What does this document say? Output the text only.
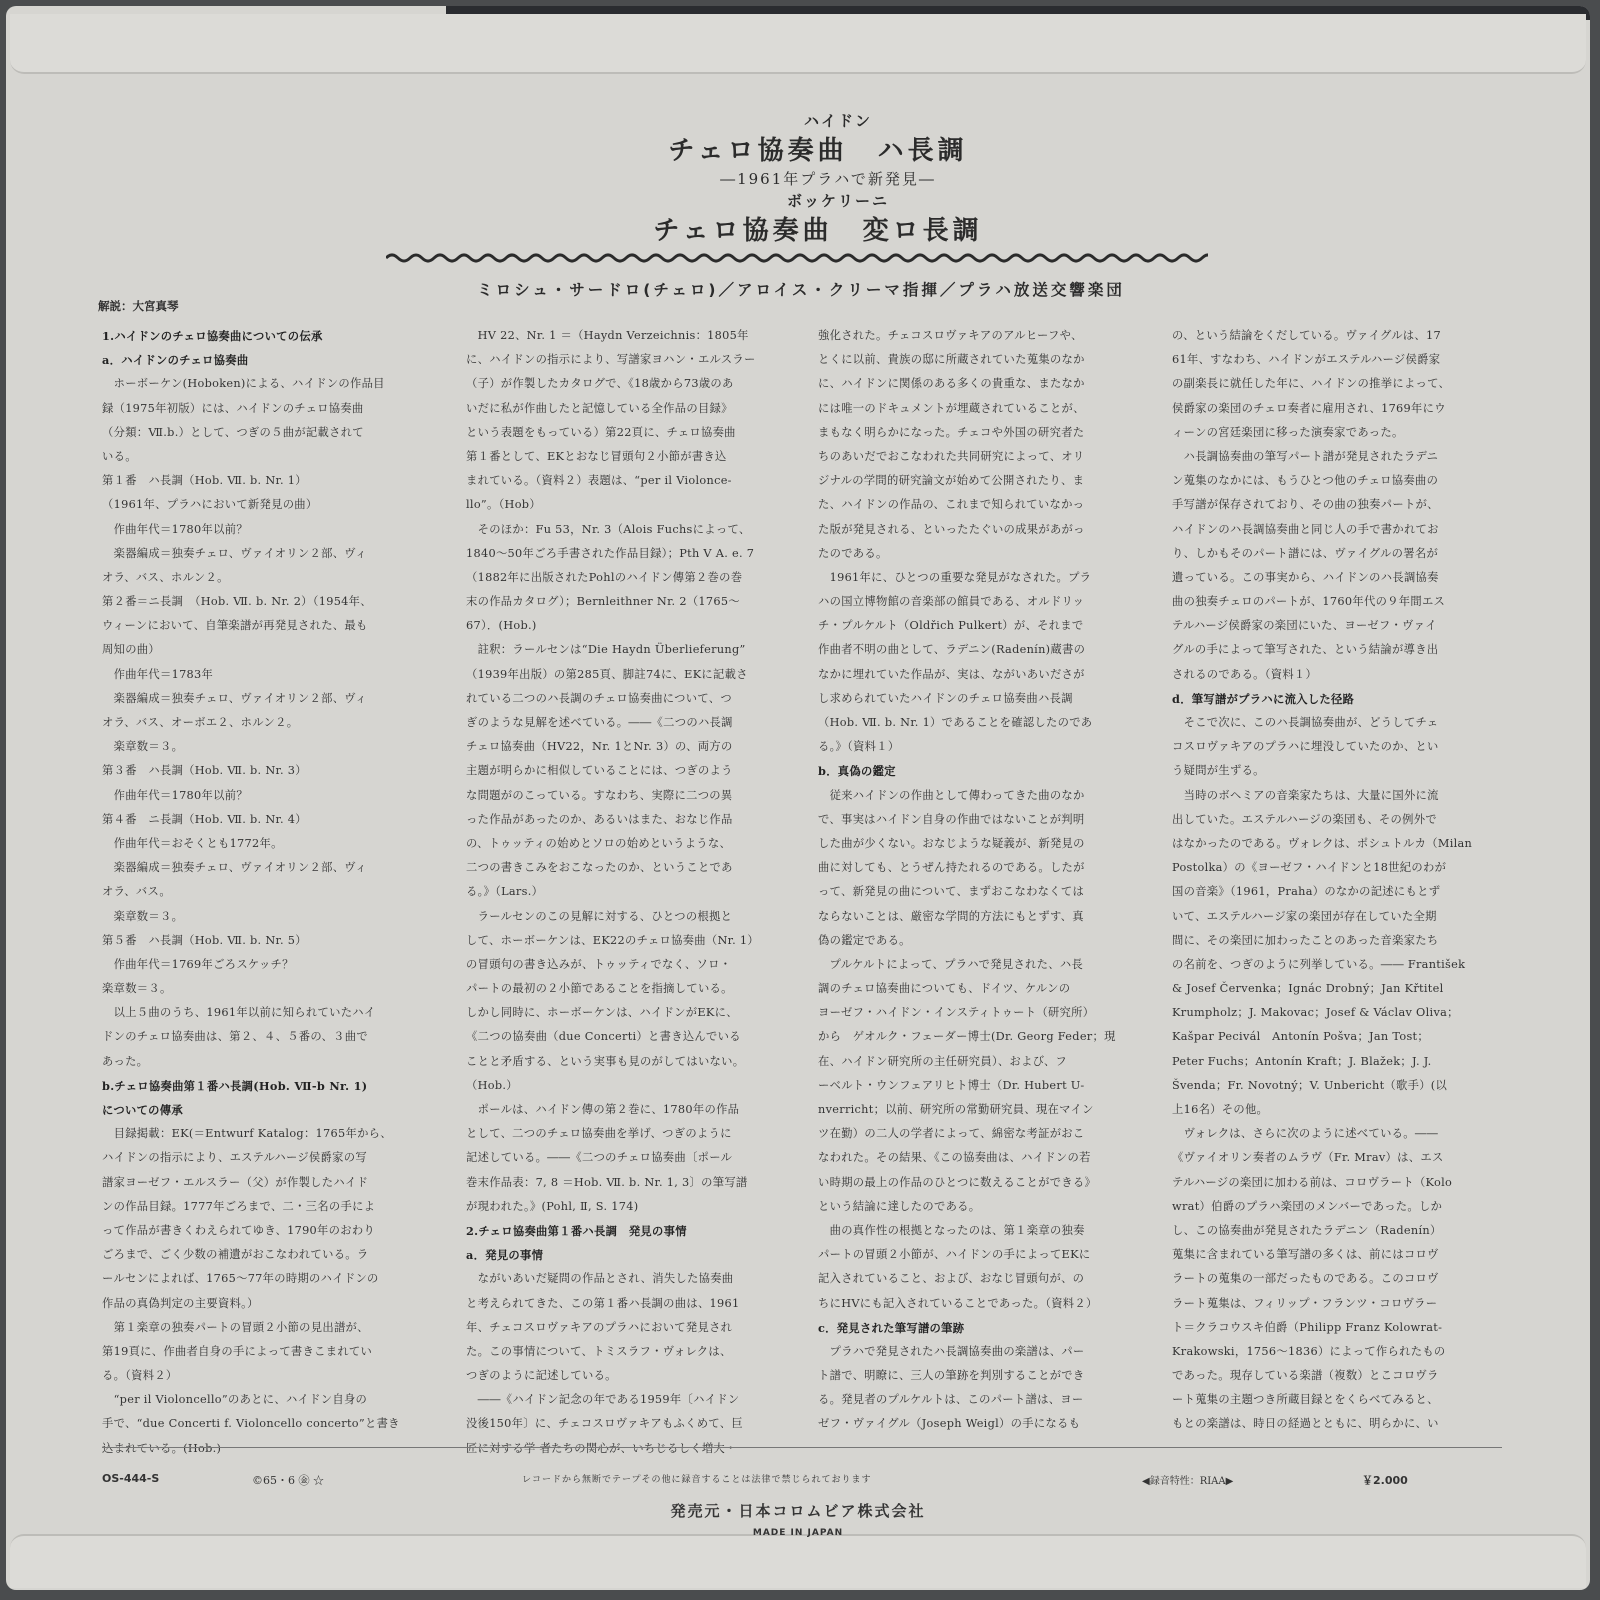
ハイドン
チェロ協奏曲　ハ長調
―1961年プラハで新発見―
ボッケリーニ
チェロ協奏曲　変ロ長調
ミロシュ・サードロ(チェロ)／アロイス・クリーマ指揮／プラハ放送交響楽団
解説：大宮真琴
1.ハイドンのチェロ協奏曲についての伝承
a．ハイドンのチェロ協奏曲
　ホーボーケン(Hoboken)による、ハイドンの作品目
録（1975年初版）には、ハイドンのチェロ協奏曲
（分類：Ⅶ.b.）として、つぎの５曲が記載されて
いる。
第１番　ハ長調（Hob. Ⅶ. b. Nr. 1）
（1961年、プラハにおいて新発見の曲）
　作曲年代＝1780年以前？
　楽器編成＝独奏チェロ、ヴァイオリン２部、ヴィ
オラ、バス、ホルン２。
第２番＝ニ長調　（Hob. Ⅶ. b. Nr. 2）（1954年、
ウィーンにおいて、自筆楽譜が再発見された、最も
周知の曲）
　作曲年代＝1783年
　楽器編成＝独奏チェロ、ヴァイオリン２部、ヴィ
オラ、バス、オーボエ２、ホルン２。
　楽章数＝３。
第３番　ハ長調（Hob. Ⅶ. b. Nr. 3）
　作曲年代＝1780年以前？
第４番　ニ長調（Hob. Ⅶ. b. Nr. 4）
　作曲年代＝おそくとも1772年。
　楽器編成＝独奏チェロ、ヴァイオリン２部、ヴィ
オラ、バス。
　楽章数＝３。
第５番　ハ長調（Hob. Ⅶ. b. Nr. 5）
　作曲年代＝1769年ごろスケッチ？
楽章数＝３。
　以上５曲のうち、1961年以前に知られていたハイ
ドンのチェロ協奏曲は、第２、４、５番の、３曲で
あった。
b.チェロ協奏曲第１番ハ長調(Hob. Ⅶ-b Nr. 1)
についての傳承
　目録掲載：EK(＝Entwurf Katalog：1765年から、
ハイドンの指示により、エステルハージ侯爵家の写
譜家ヨーゼフ・エルスラー（父）が作製したハイド
ンの作品目録。1777年ごろまで、二・三名の手によ
って作品が書きくわえられてゆき、1790年のおわり
ごろまで、ごく少数の補遺がおこなわれている。ラ
ールセンによれば、1765～77年の時期のハイドンの
作品の真偽判定の主要資料。）
　第１楽章の独奏パートの冒頭２小節の見出譜が、
第19頁に、作曲者自身の手によって書きこまれてい
る。（資料２）
　“per il Violoncello”のあとに、ハイドン自身の
手で、“due Concerti f. Violoncello concerto”と書き
込まれている。(Hob.)
　HV 22、Nr. 1 ＝（Haydn Verzeichnis：1805年
に、ハイドンの指示により、写譜家ヨハン・エルスラー
（子）が作製したカタログで、《18歳から73歳のあ
いだに私が作曲したと記憶している全作品の目録》
という表題をもっている）第22頁に、チェロ協奏曲
第１番として、EKとおなじ冒頭句２小節が書き込
まれている。（資料２）表題は、“per il Violonce-
llo”。（Hob）
　そのほか：Fu 53，Nr. 3（Alois Fuchsによって、
1840～50年ごろ手書された作品目録）；Pth V A. e. 7
（1882年に出版されたPohlのハイドン傳第２巻の巻
末の作品カタログ）；Bernleithner Nr. 2（1765～
67）．(Hob.)
　註釈：ラールセンは“Die Haydn Überlieferung”
（1939年出版）の第285頁、脚註74に、EKに記載さ
れている二つのハ長調のチェロ協奏曲について、つ
ぎのような見解を述べている。――《二つのハ長調
チェロ協奏曲（HV22，Nr. 1とNr. 3）の、両方の
主題が明らかに相似していることには、つぎのよう
な問題がのこっている。すなわち、実際に二つの異
った作品があったのか、あるいはまた、おなじ作品
の、トゥッティの始めとソロの始めというような、
二つの書きこみをおこなったのか、ということであ
る。》（Lars.）
　ラールセンのこの見解に対する、ひとつの根拠と
して、ホーボーケンは、EK22のチェロ協奏曲（Nr. 1）
の冒頭句の書き込みが、トゥッティでなく、ソロ・
パートの最初の２小節であることを指摘している。
しかし同時に、ホーボーケンは、ハイドンがEKに、
《二つの協奏曲（due Concerti）と書き込んでいる
ことと矛盾する、という実事も見のがしてはいない。
（Hob.）
　ポールは、ハイドン傳の第２巻に、1780年の作品
として、二つのチェロ協奏曲を挙げ、つぎのように
記述している。――《二つのチェロ協奏曲〔ポール
巻末作品表：7, 8 ＝Hob. Ⅶ. b. Nr. 1, 3〕の筆写譜
が現われた。》(Pohl, Ⅱ, S. 174)
2.チェロ協奏曲第１番ハ長調　発見の事情
a．発見の事情
　ながいあいだ疑問の作品とされ、消失した協奏曲
と考えられてきた、この第１番ハ長調の曲は、1961
年、チェコスロヴァキアのプラハにおいて発見され
た。この事情について、トミスラフ・ヴォレクは、
つぎのように記述している。
　――《ハイドン記念の年である1959年〔ハイドン
没後150年〕に、チェコスロヴァキアもふくめて、巨
匠に対する学 者たちの関心が、いちじるしく増大・
強化された。チェコスロヴァキアのアルヒーフや、
とくに以前、貴族の邸に所蔵されていた蒐集のなか
に、ハイドンに関係のある多くの貴重な、またなか
には唯一のドキュメントが埋蔵されていることが、
まもなく明らかになった。チェコや外国の研究者た
ちのあいだでおこなわれた共同研究によって、オリ
ジナルの学問的研究論文が始めて公開されたり、ま
た、ハイドンの作品の、これまで知られていなかっ
た版が発見される、といったたぐいの成果があがっ
たのである。
　1961年に、ひとつの重要な発見がなされた。プラ
ハの国立博物館の音楽部の館員である、オルドリッ
チ・プルケルト（Oldřich Pulkert）が、それまで
作曲者不明の曲として、ラデニン(Radenín)蔵書の
なかに埋れていた作品が、実は、ながいあいださが
し求められていたハイドンのチェロ協奏曲ハ長調
（Hob. Ⅶ. b. Nr. 1）であることを確認したのであ
る。》（資料１）
b．真偽の鑑定
　従来ハイドンの作曲として傳わってきた曲のなか
で、事実はハイドン自身の作曲ではないことが判明
した曲が少くない。おなじような疑義が、新発見の
曲に対しても、とうぜん持たれるのである。したが
って、新発見の曲について、まずおこなわなくては
ならないことは、厳密な学問的方法にもとずす、真
偽の鑑定である。
　プルケルトによって、プラハで発見された、ハ長
調のチェロ協奏曲についても、ドイツ、ケルンの
ヨーゼフ・ハイドン・インスティトゥート（研究所）
から　ゲオルク・フェーダー博士(Dr. Georg Feder；現
在、ハイドン研究所の主任研究員）、および、フ
ーベルト・ウンフェアリヒト博士（Dr. Hubert U-
nverricht；以前、研究所の常勤研究員、現在マイン
ツ在勤）の二人の学者によって、綿密な考証がおこ
なわれた。その結果、《この協奏曲は、ハイドンの若
い時期の最上の作品のひとつに数えることができる》
という結論に達したのである。
　曲の真作性の根拠となったのは、第１楽章の独奏
パートの冒頭２小節が、ハイドンの手によってEKに
記入されていること、および、おなじ冒頭句が、の
ちにHVにも記入されていることであった。（資料２）
c．発見された筆写譜の筆跡
　プラハで発見されたハ長調協奏曲の楽譜は、パー
ト譜で、明瞭に、三人の筆跡を判別することができ
る。発見者のプルケルトは、このパート譜は、ヨー
ゼフ・ヴァイグル（Joseph Weigl）の手になるも
の、という結論をくだしている。ヴァイグルは、17
61年、すなわち、ハイドンがエステルハージ侯爵家
の副楽長に就任した年に、ハイドンの推挙によって、
侯爵家の楽団のチェロ奏者に雇用され、1769年にウ
ィーンの宮廷楽団に移った演奏家であった。
　ハ長調協奏曲の筆写パート譜が発見されたラデニ
ン蒐集のなかには、もうひとつ他のチェロ協奏曲の
手写譜が保存されており、その曲の独奏パートが、
ハイドンのハ長調協奏曲と同じ人の手で書かれてお
り、しかもそのパート譜には、ヴァイグルの署名が
遺っている。この事実から、ハイドンのハ長調協奏
曲の独奏チェロのパートが、1760年代の９年間エス
テルハージ侯爵家の楽団にいた、ヨーゼフ・ヴァイ
グルの手によって筆写された、という結論が導き出
されるのである。（資料１）
d．筆写譜がプラハに流入した径路
　そこで次に、このハ長調協奏曲が、どうしてチェ
コスロヴァキアのプラハに埋没していたのか、とい
う疑問が生ずる。
　当時のボヘミアの音楽家たちは、大量に国外に流
出していた。エステルハージの楽団も、その例外で
はなかったのである。ヴォレクは、ポシュトルカ（Milan
Postolka）の《ヨーゼフ・ハイドンと18世紀のわが
国の音楽》（1961，Praha）のなかの記述にもとず
いて、エステルハージ家の楽団が存在していた全期
間に、その楽団に加わったことのあった音楽家たち
の名前を、つぎのように列挙している。―― František
& Josef Červenka；Ignác Drobný；Jan Křtitel
Krumpholz；J. Makovac；Josef & Václav Oliva；
Kašpar Pecivál　Antonín Pošva；Jan Tost；
Peter Fuchs；Antonín Kraft；J. Blažek；J. J.
Švenda；Fr. Novotný；V. Unbericht（歌手）(以
上16名）その他。
　ヴォレクは、さらに次のように述べている。――
《ヴァイオリン奏者のムラヴ（Fr. Mrav）は、エス
テルハージの楽団に加わる前は、コロヴラート（Kolo
wrat）伯爵のプラハ楽団のメンバーであった。しか
し、この協奏曲が発見されたラデニン（Radenín）
蒐集に含まれている筆写譜の多くは、前にはコロヴ
ラートの蒐集の一部だったものである。このコロヴ
ラート蒐集は、フィリップ・フランツ・コロヴラー
ト＝クラコウスキ伯爵（Philipp Franz Kolowrat-
Krakowski，1756～1836）によって作られたもの
であった。現存している楽譜（複数）とこコロヴラ
ート蒐集の主題つき所蔵目録とをくらべてみると、
もとの楽譜は、時日の経過とともに、明らかに、い
OS-444-S	©65・6 ㊎ ☆	レコードから無断でテープその他に録音することは法律で禁じられております	◀録音特性：RIAA▶	￥2.000
発売元・日本コロムビア株式会社
MADE IN JAPAN
